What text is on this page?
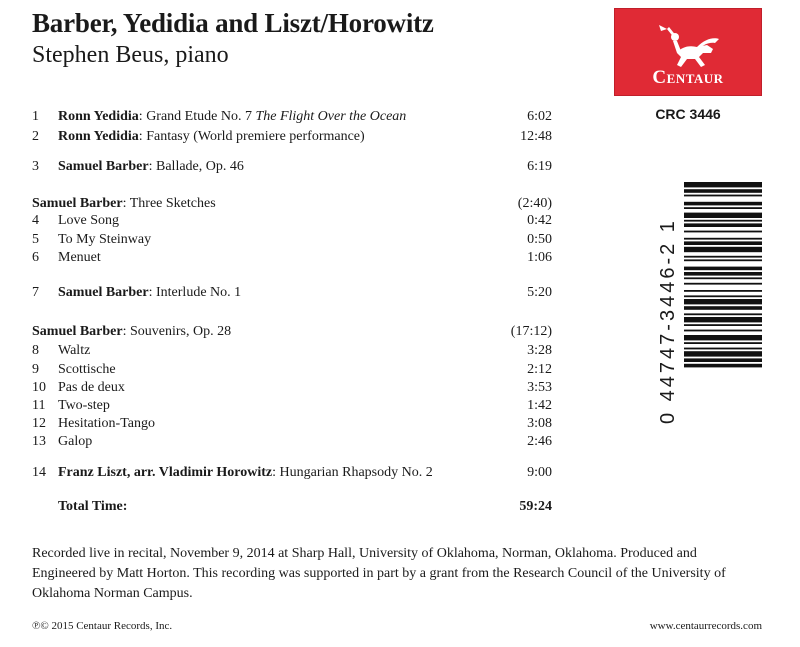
Barber, Yedidia and Liszt/Horowitz
Stephen Beus, piano
Centaur
CRC 3446
1 Ronn Yedidia: Grand Etude No. 7 The Flight Over the Ocean	6:02
2 Ronn Yedidia: Fantasy (World premiere performance)	12:48
3 Samuel Barber: Ballade, Op. 46	6:19
Samuel Barber: Three Sketches	(2:40)
4 Love Song	0:42
5 To My Steinway	0:50
6 Menuet	1:06
7 Samuel Barber: Interlude No. 1	5:20
Samuel Barber: Souvenirs, Op. 28	(17:12)
8 Waltz	3:28
9 Scottische	2:12
10 Pas de deux	3:53
11 Two-step	1:42
12 Hesitation-Tango	3:08
13 Galop	2:46
14 Franz Liszt, arr. Vladimir Horowitz: Hungarian Rhapsody No. 2	9:00
Total Time:	59:24
Recorded live in recital, November 9, 2014 at Sharp Hall, University of Oklahoma, Norman, Oklahoma. Produced and Engineered by Matt Horton. This recording was supported in part by a grant from the Research Council of the University of Oklahoma Norman Campus.
℗© 2015 Centaur Records, Inc.	www.centaurrecords.com
0 44747-3446-2 1
